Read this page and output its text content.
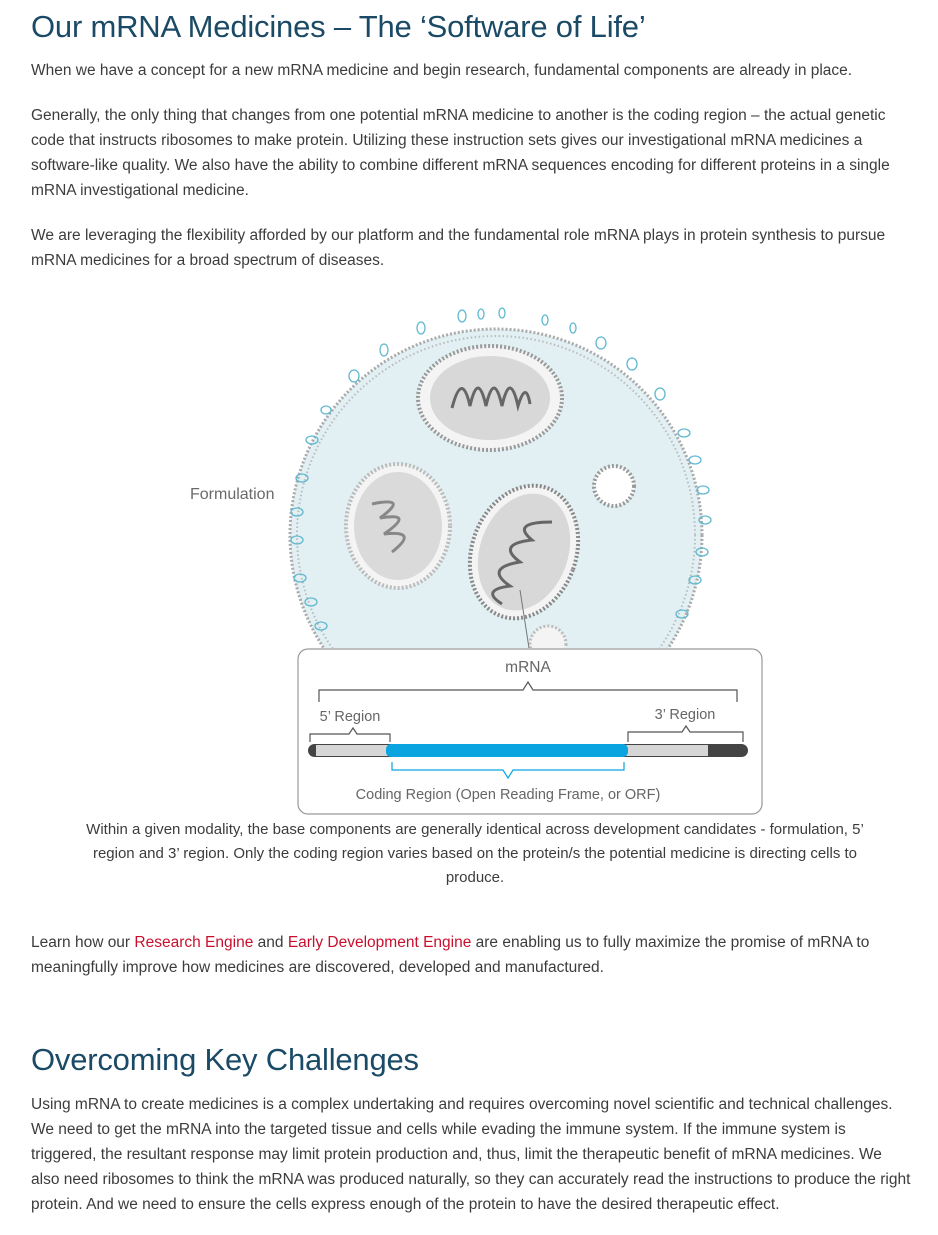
Our mRNA Medicines – The ‘Software of Life’

When we have a concept for a new mRNA medicine and begin research, fundamental components are already in place.

Generally, the only thing that changes from one potential mRNA medicine to another is the coding region – the actual genetic code that instructs ribosomes to make protein. Utilizing these instruction sets gives our investigational mRNA medicines a software-like quality. We also have the ability to combine different mRNA sequences encoding for different proteins in a single mRNA investigational medicine.

We are leveraging the flexibility afforded by our platform and the fundamental role mRNA plays in protein synthesis to pursue mRNA medicines for a broad spectrum of diseases.

Formulation
mRNA
5’ Region	3’ Region
Coding Region (Open Reading Frame, or ORF)

Within a given modality, the base components are generally identical across development candidates - formulation, 5’ region and 3’ region. Only the coding region varies based on the protein/s the potential medicine is directing cells to produce.

Learn how our Research Engine and Early Development Engine are enabling us to fully maximize the promise of mRNA to meaningfully improve how medicines are discovered, developed and manufactured.

Overcoming Key Challenges

Using mRNA to create medicines is a complex undertaking and requires overcoming novel scientific and technical challenges. We need to get the mRNA into the targeted tissue and cells while evading the immune system. If the immune system is triggered, the resultant response may limit protein production and, thus, limit the therapeutic benefit of mRNA medicines. We also need ribosomes to think the mRNA was produced naturally, so they can accurately read the instructions to produce the right protein. And we need to ensure the cells express enough of the protein to have the desired therapeutic effect.
